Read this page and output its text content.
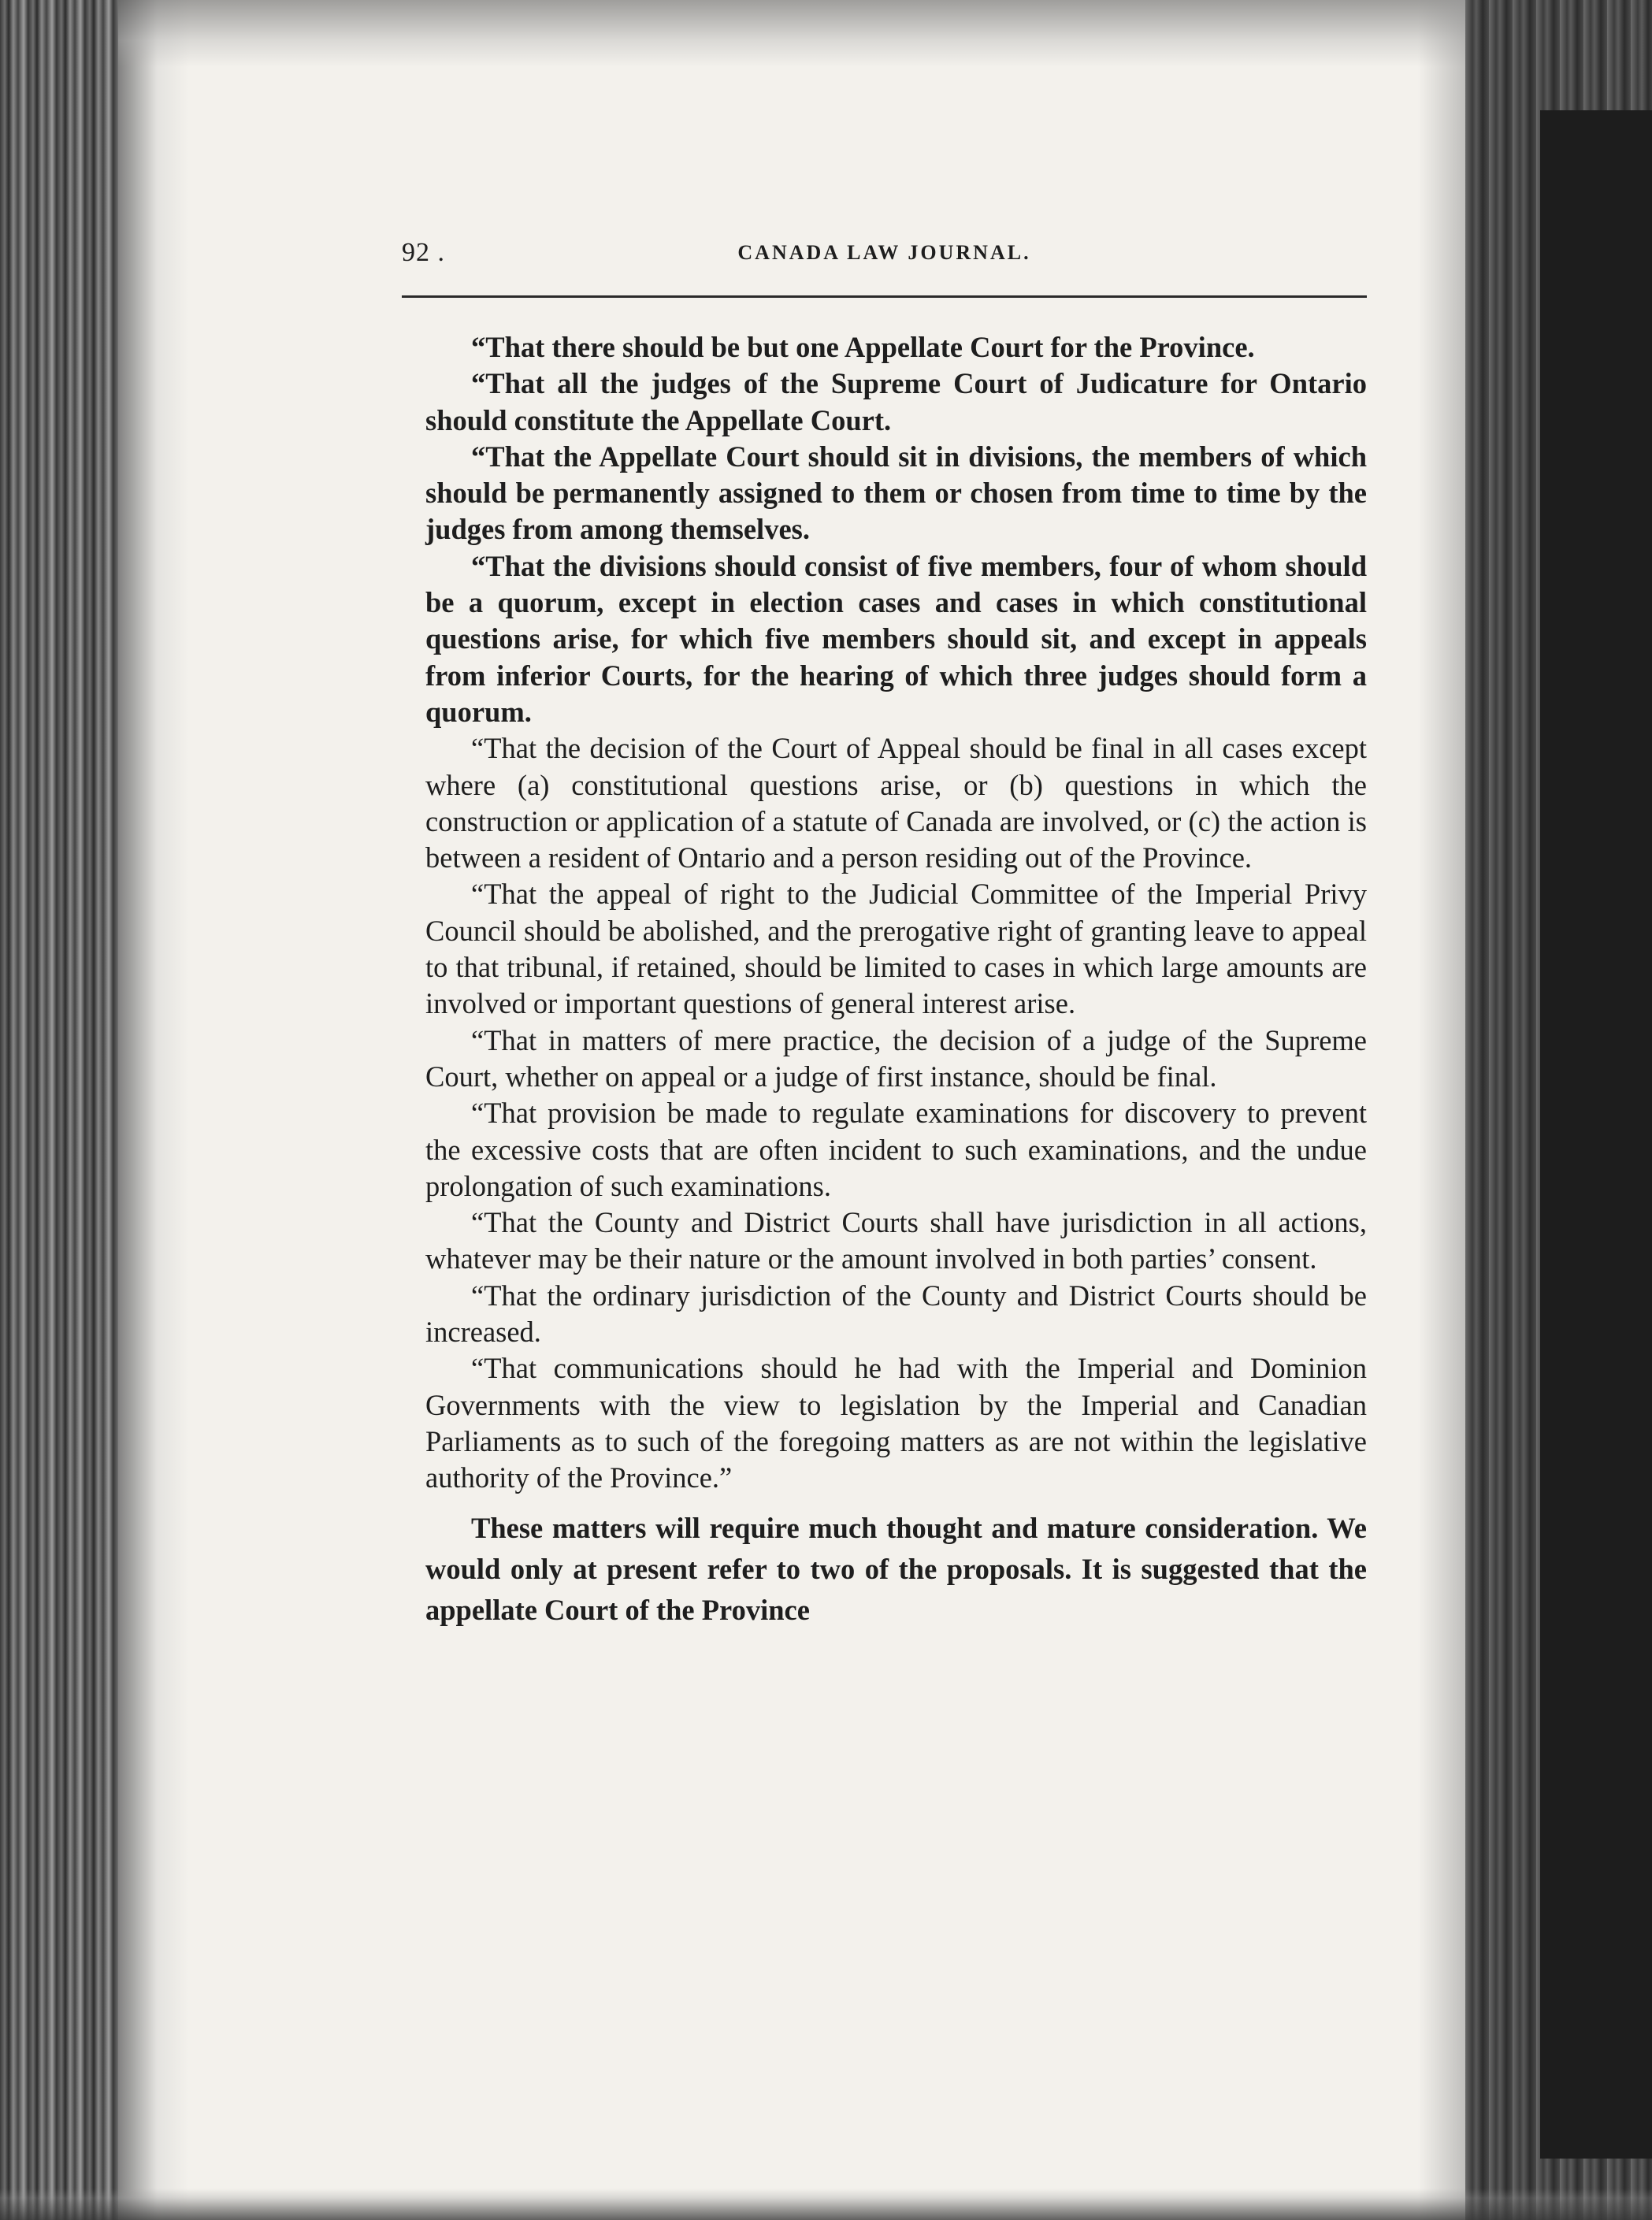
92 .	CANADA LAW JOURNAL.

“That there should be but one Appellate Court for the Province.

“That all the judges of the Supreme Court of Judicature for Ontario should constitute the Appellate Court.

“That the Appellate Court should sit in divisions, the members of which should be permanently assigned to them or chosen from time to time by the judges from among themselves.

“That the divisions should consist of five members, four of whom should be a quorum, except in election cases and cases in which constitutional questions arise, for which five members should sit, and except in appeals from inferior Courts, for the hearing of which three judges should form a quorum.

“That the decision of the Court of Appeal should be final in all cases except where (a) constitutional questions arise, or (b) questions in which the construction or application of a statute of Canada are involved, or (c) the action is between a resident of Ontario and a person residing out of the Province.

“That the appeal of right to the Judicial Committee of the Imperial Privy Council should be abolished, and the prerogative right of granting leave to appeal to that tribunal, if retained, should be limited to cases in which large amounts are involved or important questions of general interest arise.

“That in matters of mere practice, the decision of a judge of the Supreme Court, whether on appeal or a judge of first instance, should be final.

“That provision be made to regulate examinations for discovery to prevent the excessive costs that are often incident to such examinations, and the undue prolongation of such examinations.

“That the County and District Courts shall have jurisdiction in all actions, whatever may be their nature or the amount involved in both parties’ consent.

“That the ordinary jurisdiction of the County and District Courts should be increased.

“That communications should he had with the Imperial and Dominion Governments with the view to legislation by the Imperial and Canadian Parliaments as to such of the foregoing matters as are not within the legislative authority of the Province.”

These matters will require much thought and mature consideration. We would only at present refer to two of the proposals. It is suggested that the appellate Court of the Province
